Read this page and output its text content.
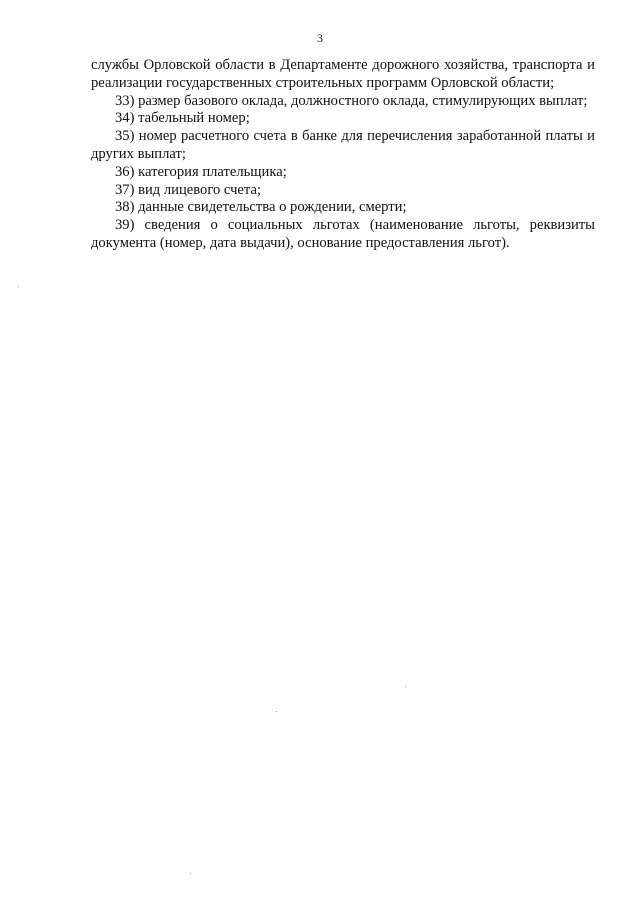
3

службы Орловской области в Департаменте дорожного хозяйства, транспорта и реализации государственных строительных программ Орловской области;

33) размер базового оклада, должностного оклада, стимулирующих выплат;

34) табельный номер;

35) номер расчетного счета в банке для перечисления заработанной платы и других выплат;

36) категория плательщика;

37) вид лицевого счета;

38) данные свидетельства о рождении, смерти;

39) сведения о социальных льготах (наименование льготы, реквизиты документа (номер, дата выдачи), основание предоставления льгот).
